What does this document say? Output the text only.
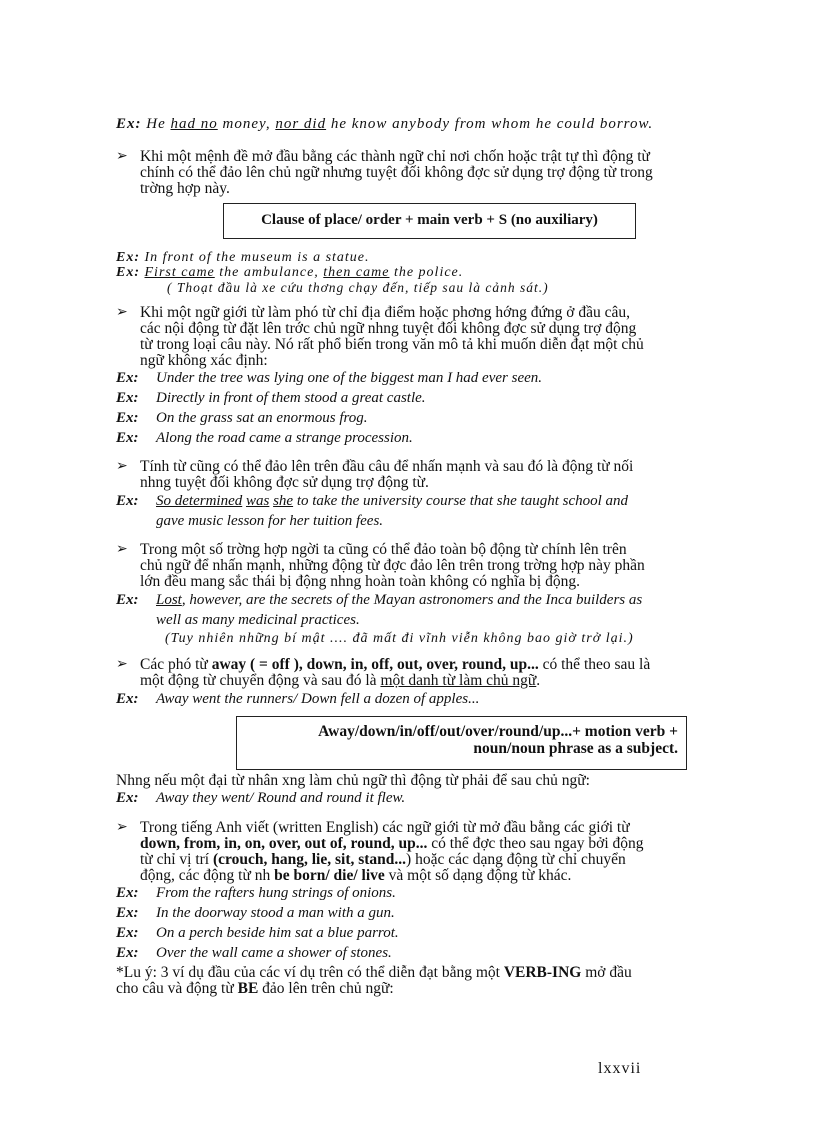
Ex: He had no money, nor did he know anybody from whom he could borrow.
➢ Khi một mệnh đề mở đầu bằng các thành ngữ chỉ nơi chốn hoặc trật tự thì động từ
chính có thể đảo lên chủ ngữ nhưng tuyệt đối không đợc sử dụng trợ động từ trong
trờng hợp này.
Clause of place/ order + main verb + S (no auxiliary)
Ex: In front of the museum is a statue.
Ex: First came the ambulance, then came the police.
( Thoạt đầu là xe cứu thơng chạy đến, tiếp sau là cảnh sát.)
➢ Khi một ngữ giới từ làm phó từ chỉ địa điểm hoặc phơng hớng đứng ở đầu câu,
các nội động từ đặt lên trớc chủ ngữ nhng tuyệt đối không đợc sử dụng trợ động
từ trong loại câu này. Nó rất phổ biến trong văn mô tả khi muốn diễn đạt một chủ
ngữ không xác định:
Ex: Under the tree was lying one of the biggest man I had ever seen.
Ex: Directly in front of them stood a great castle.
Ex: On the grass sat an enormous frog.
Ex: Along the road came a strange procession.
➢ Tính từ cũng có thể đảo lên trên đầu câu để nhấn mạnh và sau đó là động từ nối
nhng tuyệt đối không đợc sử dụng trợ động từ.
Ex: So determined was she to take the university course that she taught school and
gave music lesson for her tuition fees.
➢ Trong một số trờng hợp ngời ta cũng có thể đảo toàn bộ động từ chính lên trên
chủ ngữ để nhấn mạnh, những động từ đợc đảo lên trên trong trờng hợp này phần
lớn đều mang sắc thái bị động nhng hoàn toàn không có nghĩa bị động.
Ex: Lost, however, are the secrets of the Mayan astronomers and the Inca builders as
well as many medicinal practices.
(Tuy nhiên những bí mật .... đã mất đi vĩnh viễn không bao giờ trở lại.)
➢ Các phó từ away ( = off ), down, in, off, out, over, round, up... có thể theo sau là
một động từ chuyển động và sau đó là một danh từ làm chủ ngữ.
Ex: Away went the runners/ Down fell a dozen of apples...
Away/down/in/off/out/over/round/up...+ motion verb +
noun/noun phrase as a subject.
Nhng nếu một đại từ nhân xng làm chủ ngữ thì động từ phải để sau chủ ngữ:
Ex: Away they went/ Round and round it flew.
➢ Trong tiếng Anh viết (written English) các ngữ giới từ mở đầu bằng các giới từ
down, from, in, on, over, out of, round, up... có thể đợc theo sau ngay bởi động
từ chỉ vị trí (crouch, hang, lie, sit, stand...) hoặc các dạng động từ chỉ chuyển
động, các động từ nh be born/ die/ live và một số dạng động từ khác.
Ex: From the rafters hung strings of onions.
Ex: In the doorway stood a man with a gun.
Ex: On a perch beside him sat a blue parrot.
Ex: Over the wall came a shower of stones.
*Lu ý: 3 ví dụ đầu của các ví dụ trên có thể diễn đạt bằng một VERB-ING mở đầu
cho câu và động từ BE đảo lên trên chủ ngữ:
lxxvii
